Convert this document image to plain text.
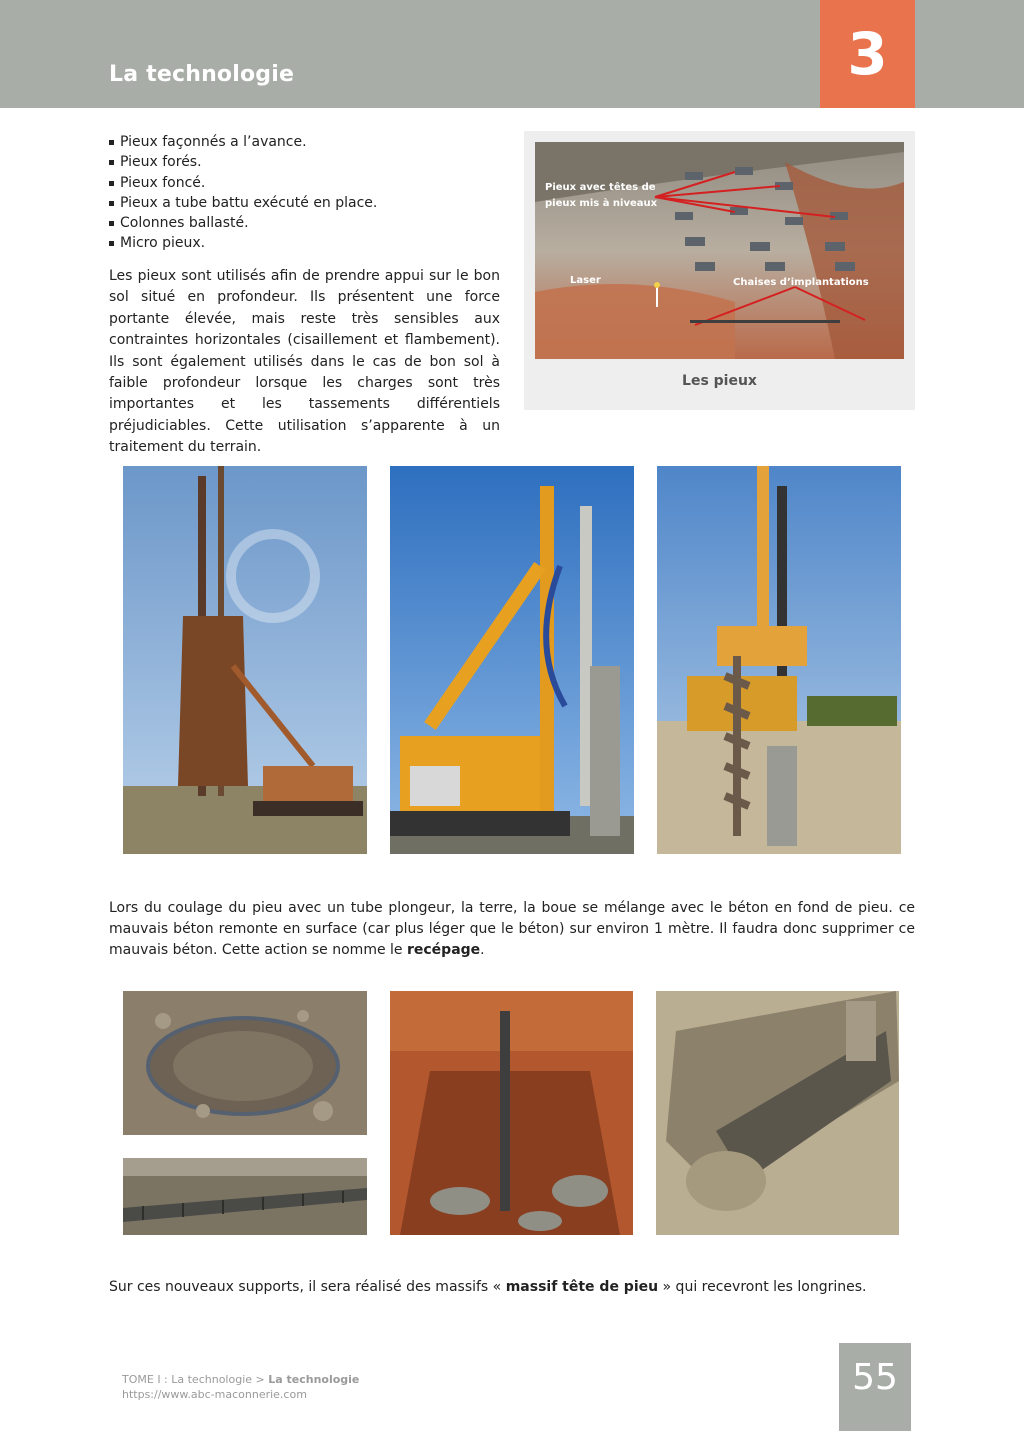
La technologie	3
Pieux façonnés a l’avance.
Pieux forés.
Pieux foncé.
Pieux a tube battu exécuté en place.
Colonnes ballasté.
Micro pieux.

Les pieux sont utilisés afin de prendre appui sur le bon sol situé en profondeur. Ils présentent une force portante élevée, mais reste très sensibles aux contraintes horizontales (cisaillement et flambement). Ils sont également utilisés dans le cas de bon sol à faible profondeur lorsque les charges sont très importantes et les tassements différentiels préjudiciables. Cette utilisation s’apparente à un traitement du terrain.

Pieux avec têtes de
pieux mis à niveaux
Laser	Chaises d’implantations
Les pieux

Lors du coulage du pieu avec un tube plongeur, la terre, la boue se mélange avec le béton en fond de pieu. ce mauvais béton remonte en surface (car plus léger que le béton) sur environ 1 mètre. Il faudra donc supprimer ce mauvais béton. Cette action se nomme le recépage.

Sur ces nouveaux supports, il sera réalisé des massifs « massif tête de pieu » qui recevront les longrines.

TOME I : La technologie > La technologie
https://www.abc-maconnerie.com	55
